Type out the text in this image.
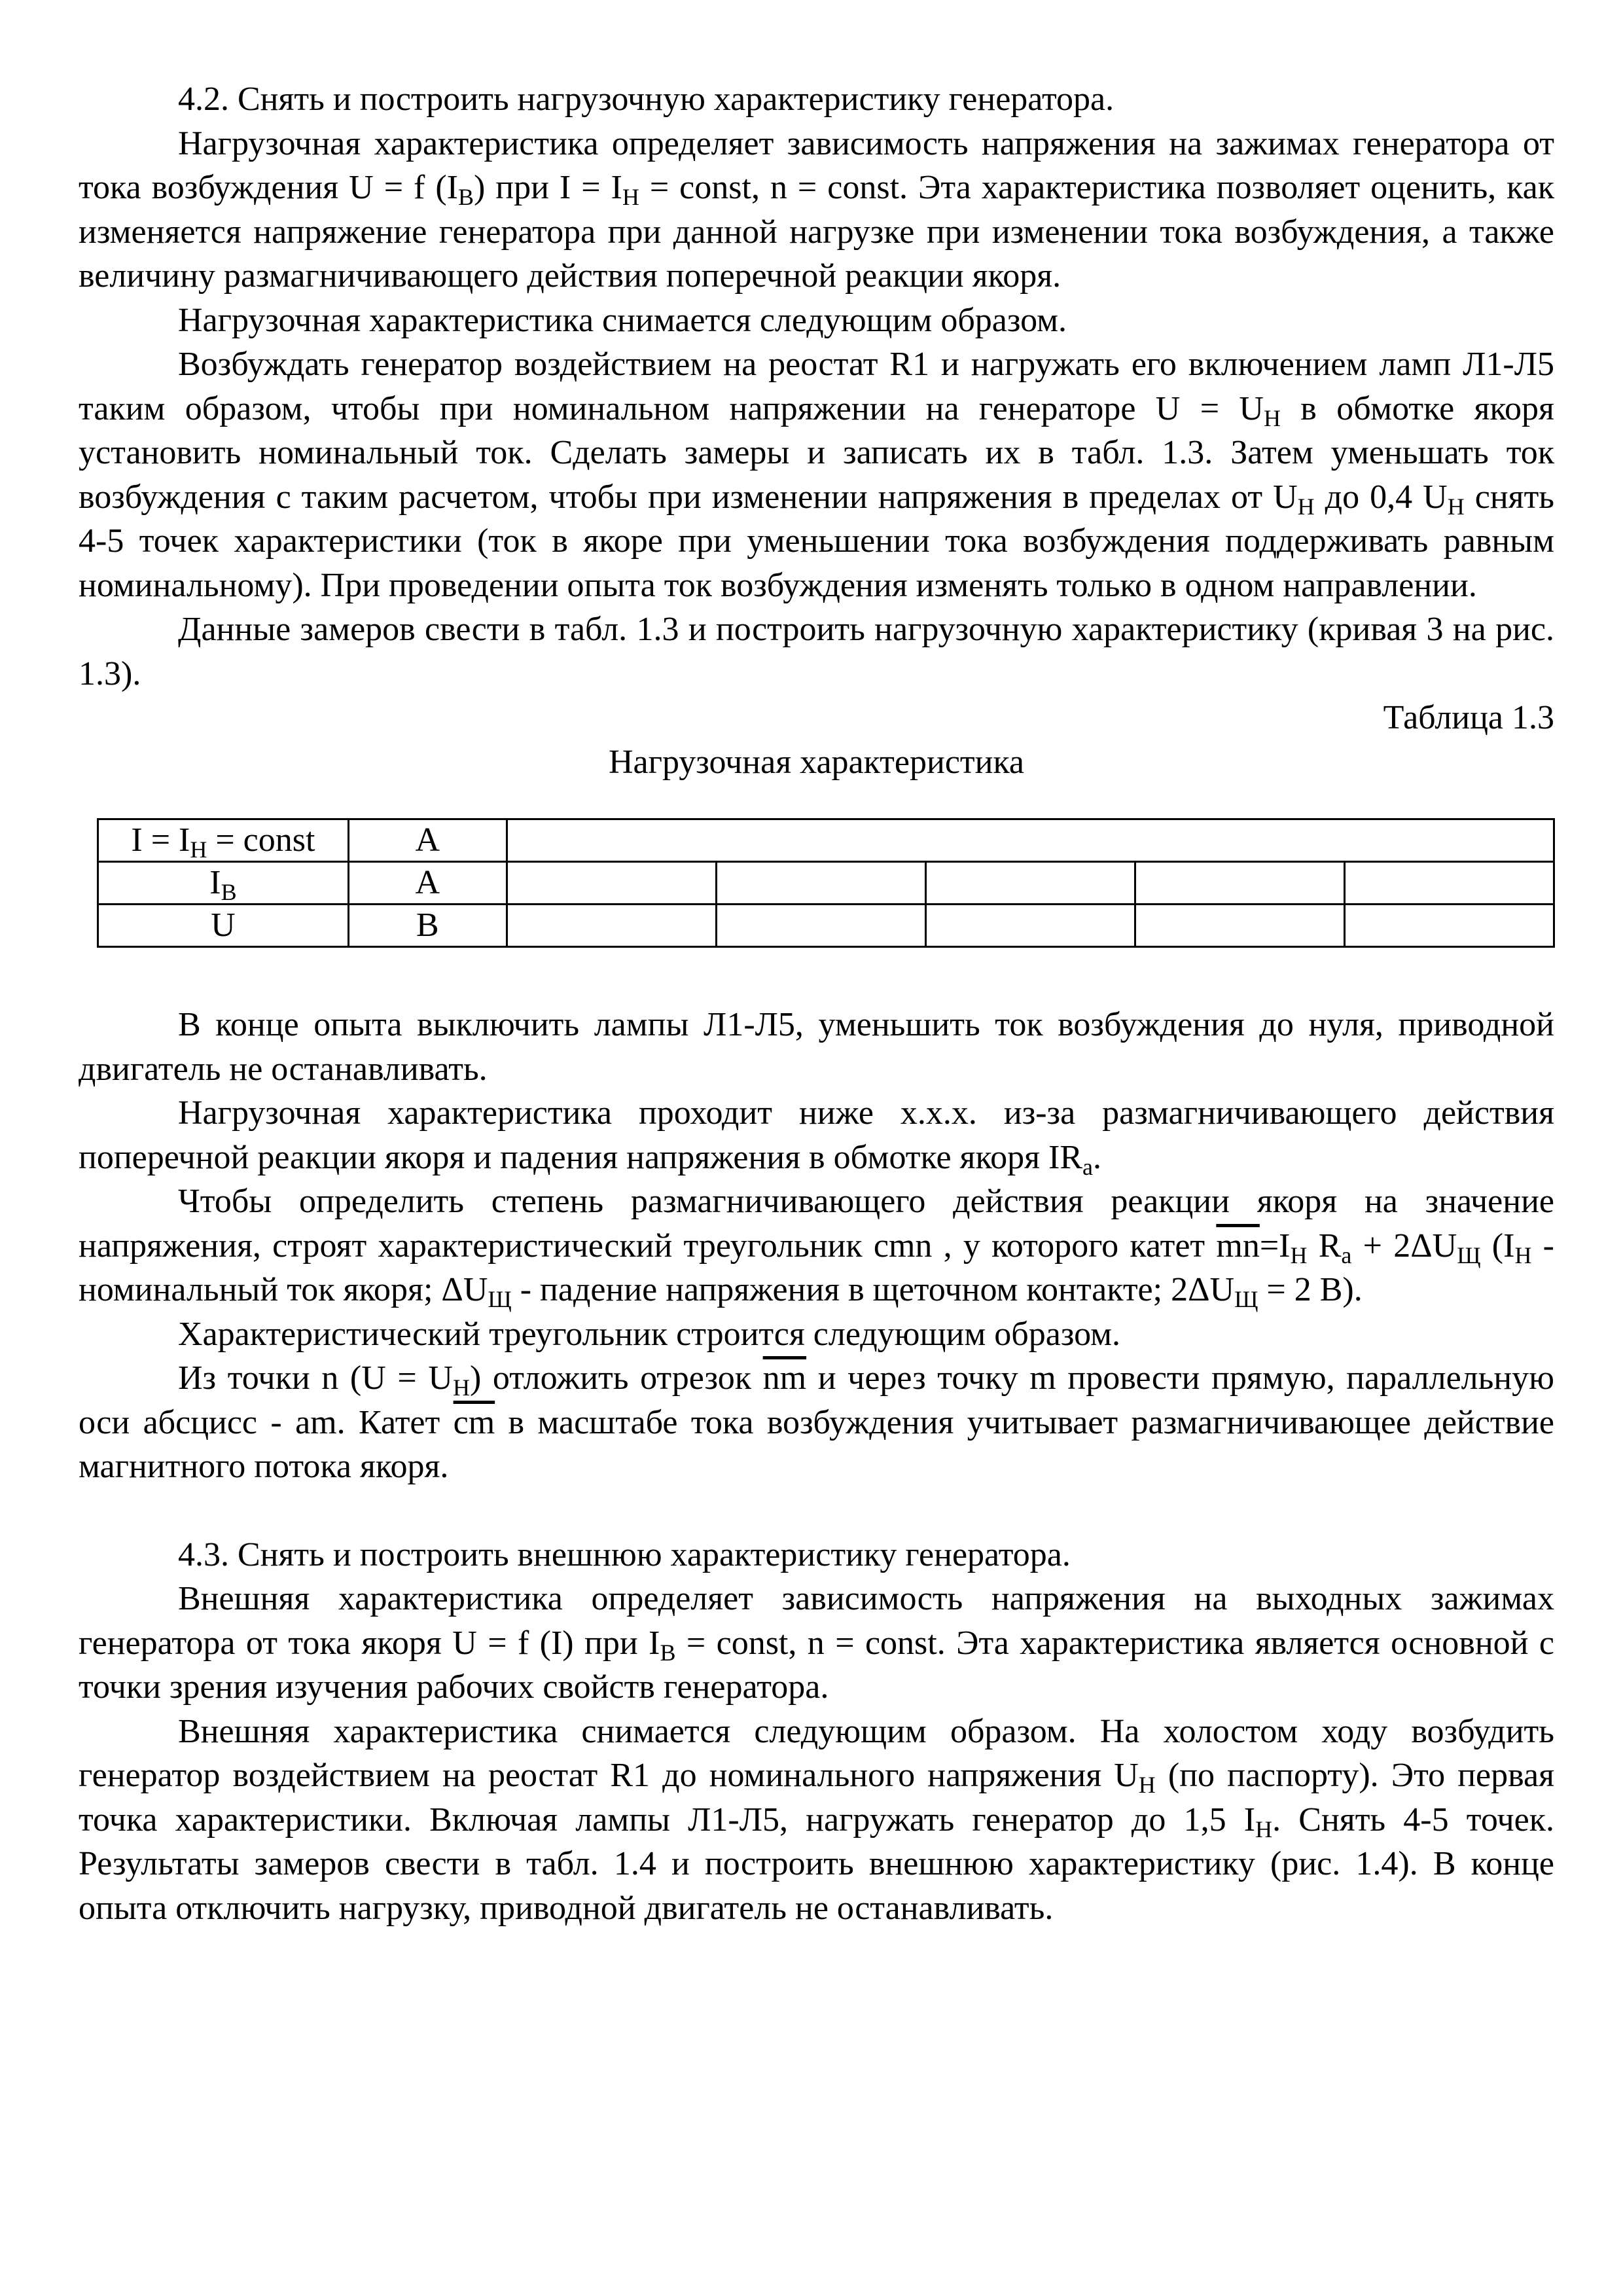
4.2. Снять и построить нагрузочную характеристику генератора.

Нагрузочная характеристика определяет зависимость напряжения на зажимах генератора от тока возбуждения U = f $(I_В)$ при $I = I_Н$ = const, n = const. Эта характеристика позволяет оценить, как изменяется напряжение генератора при данной нагрузке при изменении тока возбуждения, а также величину размагничивающего действия поперечной реакции якоря.

Нагрузочная характеристика снимается следующим образом.

Возбуждать генератор воздействием на реостат R1 и нагружать его включением ламп Л1-Л5 таким образом, чтобы при номинальном напряжении на генераторе $U = U_Н$ в обмотке якоря установить номинальный ток. Сделать замеры и записать их в табл. 1.3. Затем уменьшать ток возбуждения с таким расчетом, чтобы при изменении напряжения в пределах от $U_Н$ до 0,4 $U_Н$ снять 4-5 точек характеристики (ток в якоре при уменьшении тока возбуждения поддерживать равным номинальному). При проведении опыта ток возбуждения изменять только в одном направлении.

Данные замеров свести в табл. 1.3 и построить нагрузочную характеристику (кривая 3 на рис. 1.3).

Таблица 1.3

Нагрузочная характеристика

$I = I_Н$ = const	А					
$I_В$	А					
U	В					

В конце опыта выключить лампы Л1-Л5, уменьшить ток возбуждения до нуля, приводной двигатель не останавливать.

Нагрузочная характеристика проходит ниже х.х.х. из-за размагничивающего действия поперечной реакции якоря и падения напряжения в обмотке якоря $IR_a$.

Чтобы определить степень размагничивающего действия реакции якоря на значение напряжения, строят характеристический треугольник cmn , у которого катет $\overline{mn}=I_Н$ $R_a + 2\Delta U_Щ$ ($I_Н$ - номинальный ток якоря; $\Delta U_Щ$ - падение напряжения в щеточном контакте; $2\Delta U_Щ = 2$ В).

Характеристический треугольник строится следующим образом.

Из точки n $(U = U_Н)$ отложить отрезок $\overline{nm}$ и через точку m провести прямую, параллельную оси абсцисс - am. Катет $\overline{cm}$ в масштабе тока возбуждения учитывает размагничивающее действие магнитного потока якоря.

4.3. Снять и построить внешнюю характеристику генератора.

Внешняя характеристика определяет зависимость напряжения на выходных зажимах генератора от тока якоря U = f (I) при $I_В$ = const, n = const. Эта характеристика является основной с точки зрения изучения рабочих свойств генератора.

Внешняя характеристика снимается следующим образом. На холостом ходу возбудить генератор воздействием на реостат R1 до номинального напряжения $U_Н$ (по паспорту). Это первая точка характеристики. Включая лампы Л1-Л5, нагружать генератор до 1,5 $I_Н$. Снять 4-5 точек. Результаты замеров свести в табл. 1.4 и построить внешнюю характеристику (рис. 1.4). В конце опыта отключить нагрузку, приводной двигатель не останавливать.
